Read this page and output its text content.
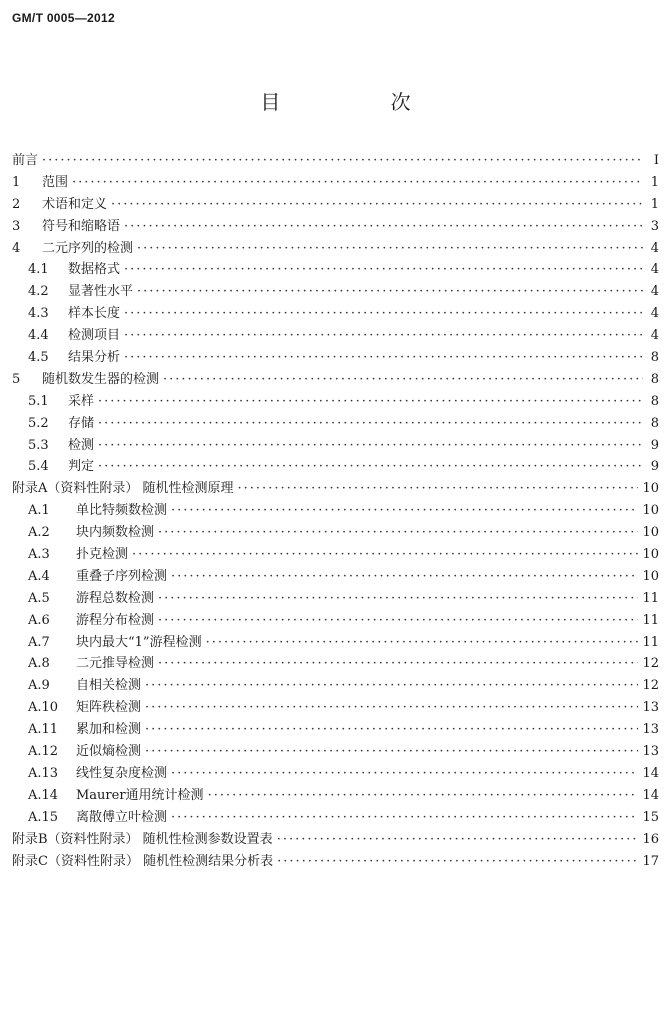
GM/T 0005—2012
目 次
前言 ·····	Ⅰ
1	范围 ·····	1
2	术语和定义 ·····	1
3	符号和缩略语 ·····	3
4	二元序列的检测 ·····	4
4.1	数据格式 ·····	4
4.2	显著性水平 ·····	4
4.3	样本长度 ·····	4
4.4	检测项目 ·····	4
4.5	结果分析 ·····	8
5	随机数发生器的检测 ·····	8
5.1	采样 ·····	8
5.2	存储 ·····	8
5.3	检测 ·····	9
5.4	判定 ·····	9
附录A（资料性附录） 随机性检测原理 ·····	10
A.1	单比特频数检测 ·····	10
A.2	块内频数检测 ·····	10
A.3	扑克检测 ·····	10
A.4	重叠子序列检测 ·····	10
A.5	游程总数检测 ·····	11
A.6	游程分布检测 ·····	11
A.7	块内最大“1”游程检测 ·····	11
A.8	二元推导检测 ·····	12
A.9	自相关检测 ·····	12
A.10	矩阵秩检测 ·····	13
A.11	累加和检测 ·····	13
A.12	近似熵检测 ·····	13
A.13	线性复杂度检测 ·····	14
A.14	Maurer通用统计检测 ·····	14
A.15	离散傅立叶检测 ·····	15
附录B（资料性附录） 随机性检测参数设置表 ·····	16
附录C（资料性附录） 随机性检测结果分析表 ·····	17
